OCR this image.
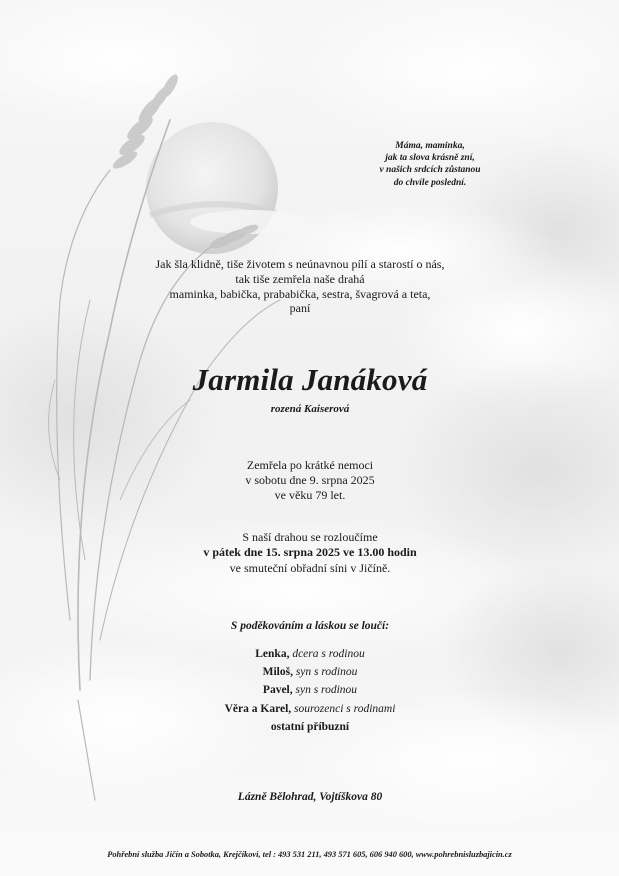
Máma, maminka,
jak ta slova krásně zní,
v našich srdcích zůstanou
do chvíle poslední.
Jak šla klidně, tiše životem s neúnavnou pílí a starostí o nás,
tak tiše zemřela naše drahá
maminka, babička, prababička, sestra, švagrová a teta,
paní
Jarmila Janáková
rozená Kaiserová
Zemřela po krátké nemoci
v sobotu dne 9. srpna 2025
ve věku 79 let.
S naší drahou se rozloučíme
v pátek dne 15. srpna 2025 ve 13.00 hodin
ve smuteční obřadní síni v Jičíně.
S poděkováním a láskou se loučí:
Lenka, dcera s rodinou
Miloš, syn s rodinou
Pavel, syn s rodinou
Věra a Karel, sourozenci s rodinami
ostatní příbuzní
Lázně Bělohrad, Vojtíškova 80
Pohřební služba Jičín a Sobotka, Krejčíkovi, tel : 493 531 211, 493 571 605, 606 940 600, www.pohrebnisluzbajicin.cz
